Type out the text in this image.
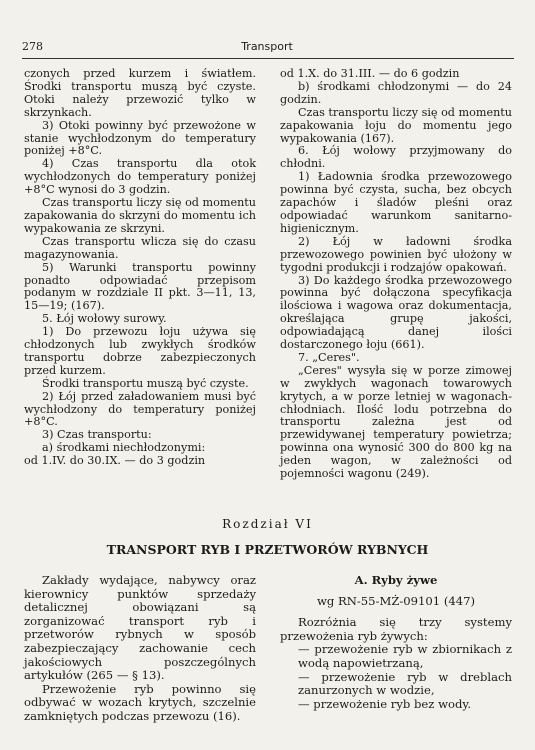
278	Transport

czonych przed kurzem i światłem. Środki transportu muszą być czyste. Otoki należy przewozić tylko w skrzynkach.

3) Otoki powinny być przewożone w stanie wychłodzonym do temperatury poniżej +8°C.

4) Czas transportu dla otok wychłodzonych do temperatury poniżej +8°C wynosi do 3 godzin.

Czas transportu liczy się od momentu zapakowania do skrzyni do momentu ich wypakowania ze skrzyni.

Czas transportu wlicza się do czasu magazynowania.

5) Warunki transportu powinny ponadto odpowiadać przepisom podanym w rozdziale II pkt. 3—11, 13, 15—19; (167).

5. Łój wołowy surowy.

1) Do przewozu łoju używa się chłodzonych lub zwykłych środków transportu dobrze zabezpieczonych przed kurzem.

Środki transportu muszą być czyste.

2) Łój przed załadowaniem musi być wychłodzony do temperatury poniżej +8°C.

3) Czas transportu:

a) środkami niechłodzonymi:

od 1.IV. do 30.IX. — do 3 godzin

od 1.X. do 31.III. — do 6 godzin

b) środkami chłodzonymi — do 24 godzin.

Czas transportu liczy się od momentu zapakowania łoju do momentu jego wypakowania (167).

6. Łój wołowy przyjmowany do chłodni.

1) Ładownia środka przewozowego powinna być czysta, sucha, bez obcych zapachów i śladów pleśni oraz odpowiadać warunkom sanitarno-higienicznym.

2) Łój w ładowni środka przewozowego powinien być ułożony w tygodni produkcji i rodzajów opakowań.

3) Do każdego środka przewozowego powinna być dołączona specyfikacja ilościowa i wagowa oraz dokumentacja, określająca grupę jakości, odpowiadającą danej ilości dostarczonego łoju (661).

7. „Ceres".

„Ceres" wysyła się w porze zimowej w zwykłych wagonach towarowych krytych, a w porze letniej w wagonach-chłodniach. Ilość lodu potrzebna do transportu zależna jest od przewidywanej temperatury powietrza; powinna ona wynosić 300 do 800 kg na jeden wagon, w zależności od pojemności wagonu (249).

Rozdział VI
TRANSPORT RYB I PRZETWORÓW RYBNYCH

Zakłady wydające, nabywcy oraz kierownicy punktów sprzedaży detalicznej obowiązani są zorganizować transport ryb i przetworów rybnych w sposób zabezpieczający zachowanie cech jakościowych poszczególnych artykułów (265 — § 13).

Przewożenie ryb powinno się odbywać w wozach krytych, szczelnie zamkniętych podczas przewozu (16).

A. Ryby żywe

wg RN-55-MŻ-09101 (447)

Rozróżnia się trzy systemy przewożenia ryb żywych:

— przewożenie ryb w zbiornikach z wodą napowietrzaną,

— przewożenie ryb w dreblach zanurzonych w wodzie,

— przewożenie ryb bez wody.
